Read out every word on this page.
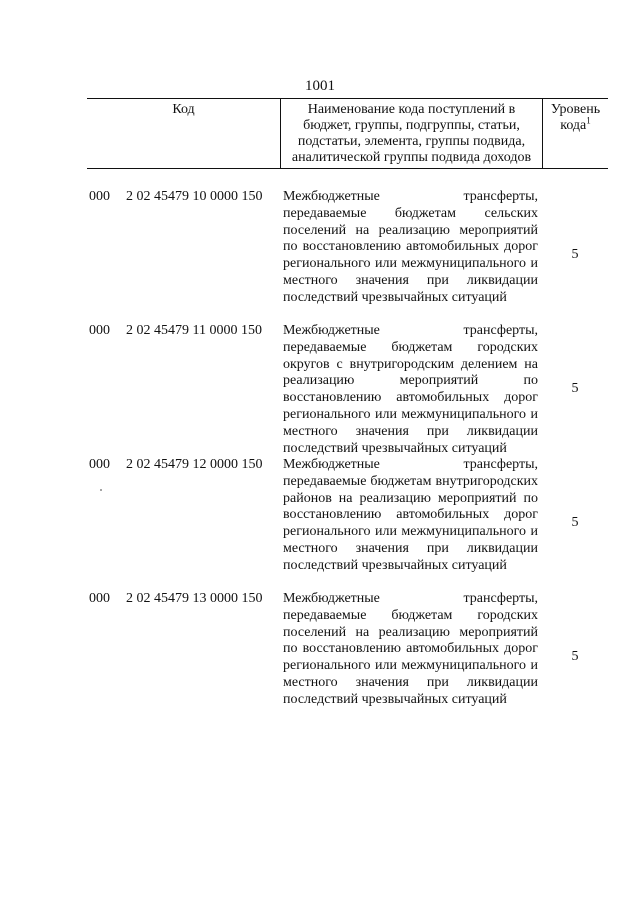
1001
Код	Наименование кода поступлений в
бюджет, группы, подгруппы, статьи,
подстатьи, элемента, группы подвида,
аналитической группы подвида доходов
Уровень
кода$^1$
000 2 02 45479 10 0000 150 Межбюджетные трансферты, передаваемые бюджетам сельских поселений на реализацию мероприятий по восстановлению автомобильных дорог регионального или межмуниципального и местного значения при ликвидации последствий чрезвычайных ситуаций
5
000 2 02 45479 11 0000 150 Межбюджетные трансферты, передаваемые бюджетам городских округов с внутригородским делением на реализацию мероприятий по восстановлению автомобильных дорог регионального или межмуниципального и местного значения при ликвидации последствий чрезвычайных ситуаций
5
000 2 02 45479 12 0000 150 Межбюджетные трансферты, передаваемые бюджетам внутригородских районов на реализацию мероприятий по восстановлению автомобильных дорог регионального или межмуниципального и местного значения при ликвидации последствий чрезвычайных ситуаций
5
000 2 02 45479 13 0000 150 Межбюджетные трансферты, передаваемые бюджетам городских поселений на реализацию мероприятий по восстановлению автомобильных дорог регионального или межмуниципального и местного значения при ликвидации последствий чрезвычайных ситуаций
5
